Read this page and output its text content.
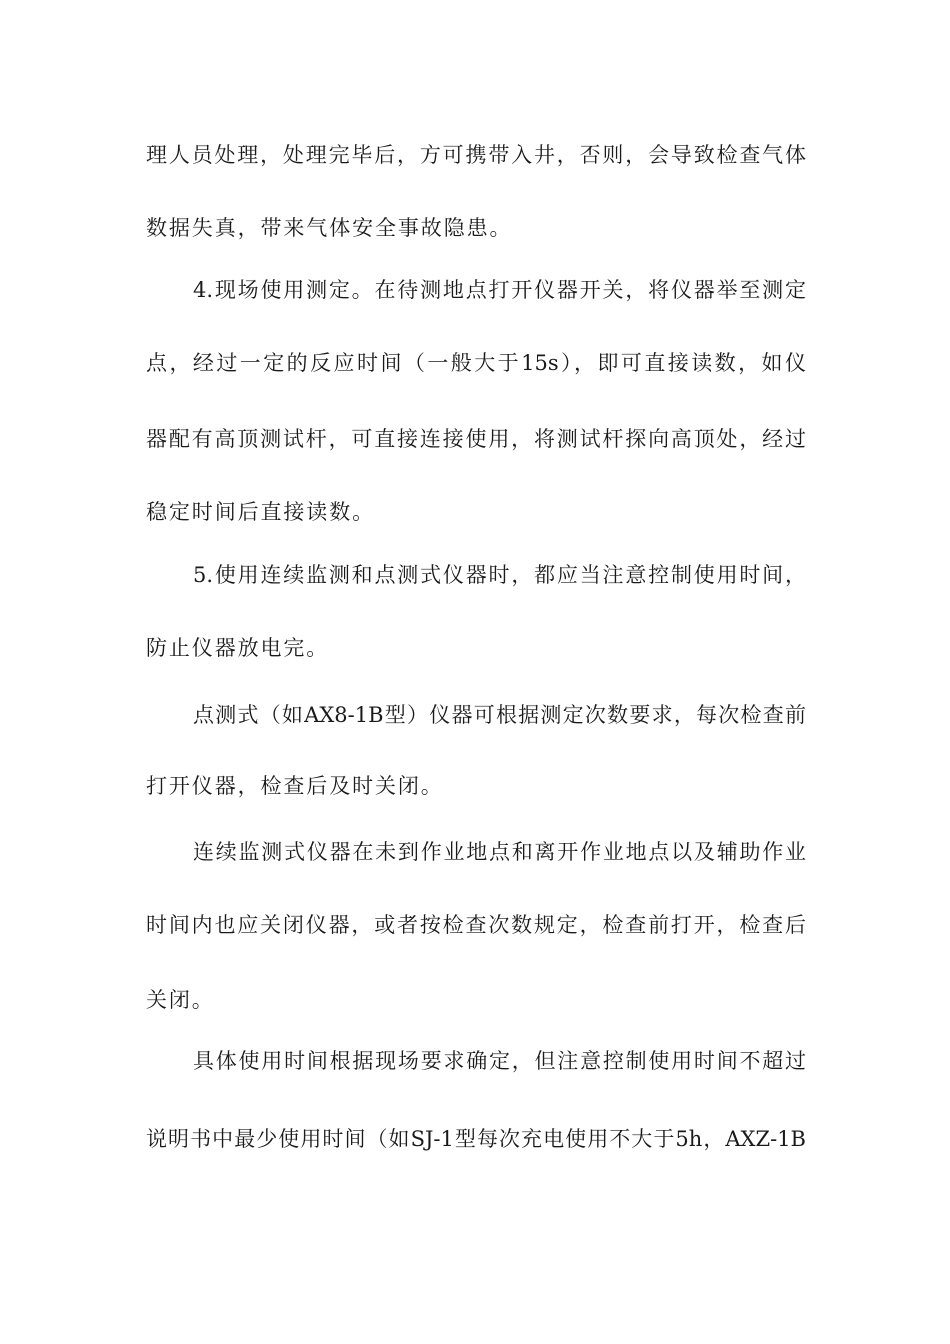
理人员处理，处理完毕后，方可携带入井，否则，会导致检查气体
数据失真，带来气体安全事故隐患。
4.现场使用测定。在待测地点打开仪器开关，将仪器举至测定
点，经过一定的反应时间（一般大于15s），即可直接读数，如仪
器配有高顶测试杆，可直接连接使用，将测试杆探向高顶处，经过
稳定时间后直接读数。
5.使用连续监测和点测式仪器时，都应当注意控制使用时间，
防止仪器放电完。
点测式（如AX8-1B型）仪器可根据测定次数要求，每次检查前
打开仪器，检查后及时关闭。
连续监测式仪器在未到作业地点和离开作业地点以及辅助作业
时间内也应关闭仪器，或者按检查次数规定，检查前打开，检查后
关闭。
具体使用时间根据现场要求确定，但注意控制使用时间不超过
说明书中最少使用时间（如SJ-1型每次充电使用不大于5h，AXZ-1B
